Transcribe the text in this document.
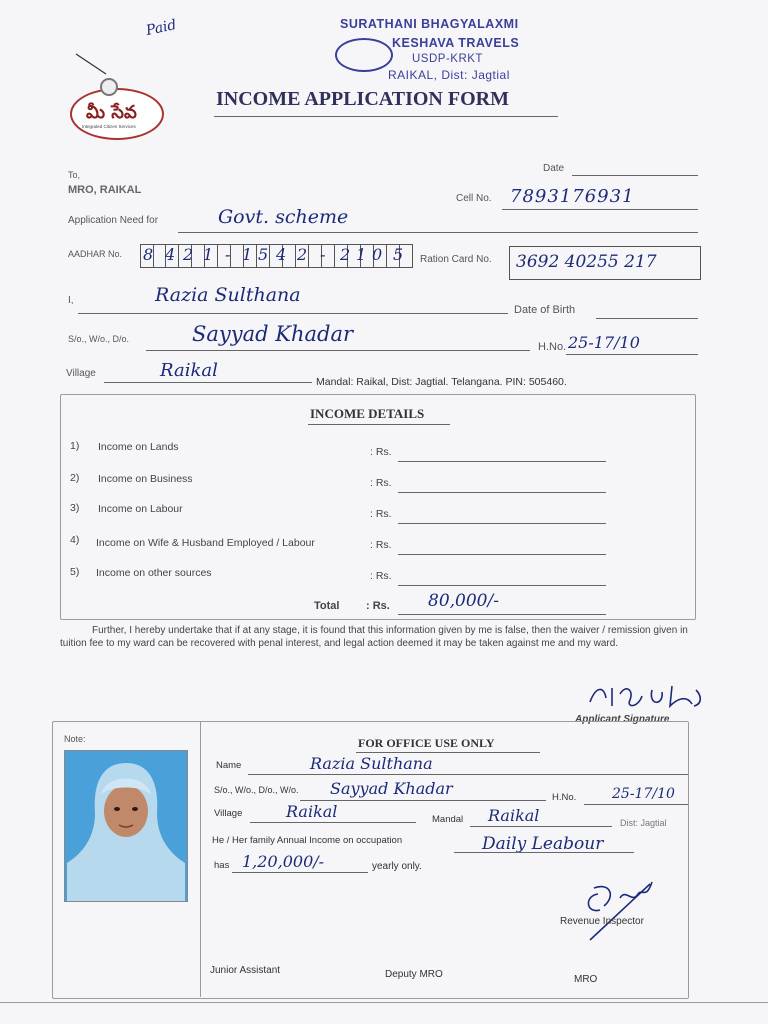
Paid	SURATHANI BHAGYALAXMI
KESHAVA TRAVELS
USDP-KRKT
RAIKAL, Dist: Jagtial
మీ సేవ
Integrated Citizen Services
INCOME APPLICATION FORM
Date
To,
MRO, RAIKAL
Cell No. 7893176931
Application Need for	Govt. scheme
AADHAR No. 8 4 2 1 - 1 5 4 2 - 2 1 0 5 Ration Card No. 3692 40255 217
I,	Razia Sulthana
Date of Birth
S/o., W/o., D/o.	Sayyad Khadar
H.No. 25-17/10
Village	Raikal
Mandal: Raikal, Dist: Jagtial. Telangana. PIN: 505460.
INCOME DETAILS
1) Income on Lands	: Rs.
2) Income on Business	: Rs.
3) Income on Labour	: Rs.
4) Income on Wife & Husband Employed / Labour	: Rs.
5) Income on other sources	: Rs.
Total : Rs. 80,000/-
Further, I hereby undertake that if at any stage, it is found that this information given by me is false, then the waiver / remission given in tuition fee to my ward can be recovered with penal interest, and legal action deemed it may be taken against me and my ward.
Applicant Signature
Note:	FOR OFFICE USE ONLY
Name	Razia Sulthana
S/o., W/o., D/o., W/o. Sayyad Khadar	H.No.	25-17/10
Village	Raikal	Mandal Raikal	Dist: Jagtial
He / Her family Annual Income on occupation	Daily Leabour
has 1,20,000/-	yearly only.
Revenue Inspector
Junior Assistant	Deputy MRO	MRO
